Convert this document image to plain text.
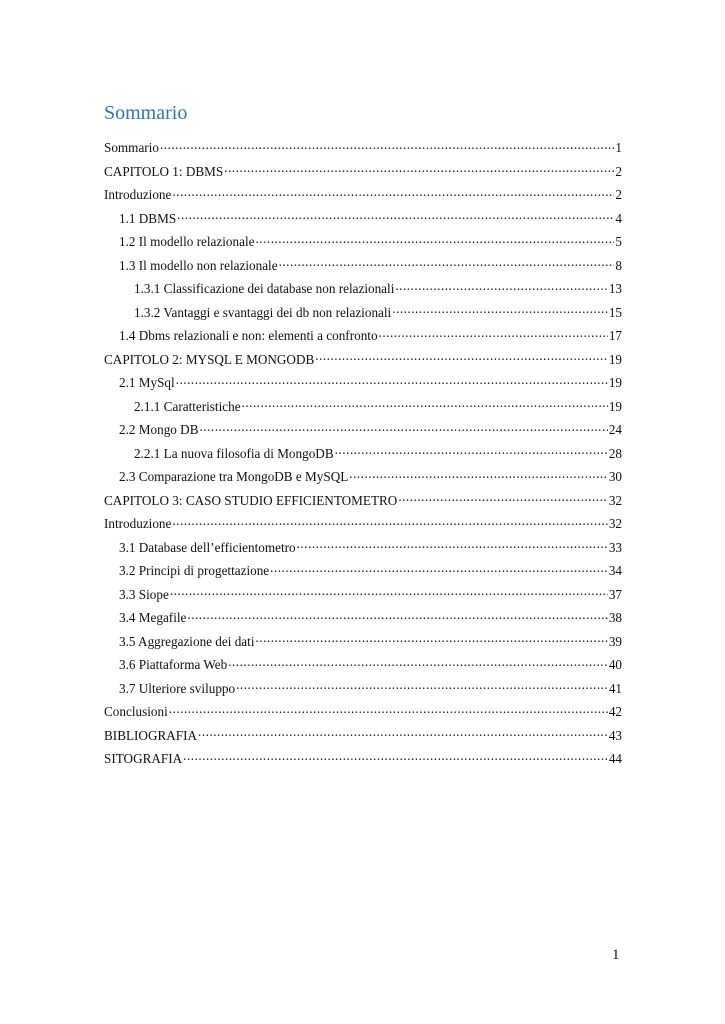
Sommario
Sommario .....	1
CAPITOLO 1: DBMS .....	2
Introduzione .....	2
1.1 DBMS .....	4
1.2 Il modello relazionale .....	5
1.3 Il modello non relazionale .....	8
1.3.1 Classificazione dei database non relazionali .....	13
1.3.2 Vantaggi e svantaggi dei db non relazionali .....	15
1.4 Dbms relazionali e non: elementi a confronto .....	17
CAPITOLO 2: MYSQL E MONGODB .....	19
2.1 MySql .....	19
2.1.1 Caratteristiche .....	19
2.2 Mongo DB .....	24
2.2.1 La nuova filosofia di MongoDB .....	28
2.3 Comparazione tra MongoDB e MySQL .....	30
CAPITOLO 3: CASO STUDIO EFFICIENTOMETRO .....	32
Introduzione .....	32
3.1 Database dell’efficientometro .....	33
3.2 Principi di progettazione .....	34
3.3 Siope .....	37
3.4 Megafile .....	38
3.5 Aggregazione dei dati .....	39
3.6 Piattaforma Web .....	40
3.7 Ulteriore sviluppo .....	41
Conclusioni .....	42
BIBLIOGRAFIA .....	43
SITOGRAFIA .....	44
1
